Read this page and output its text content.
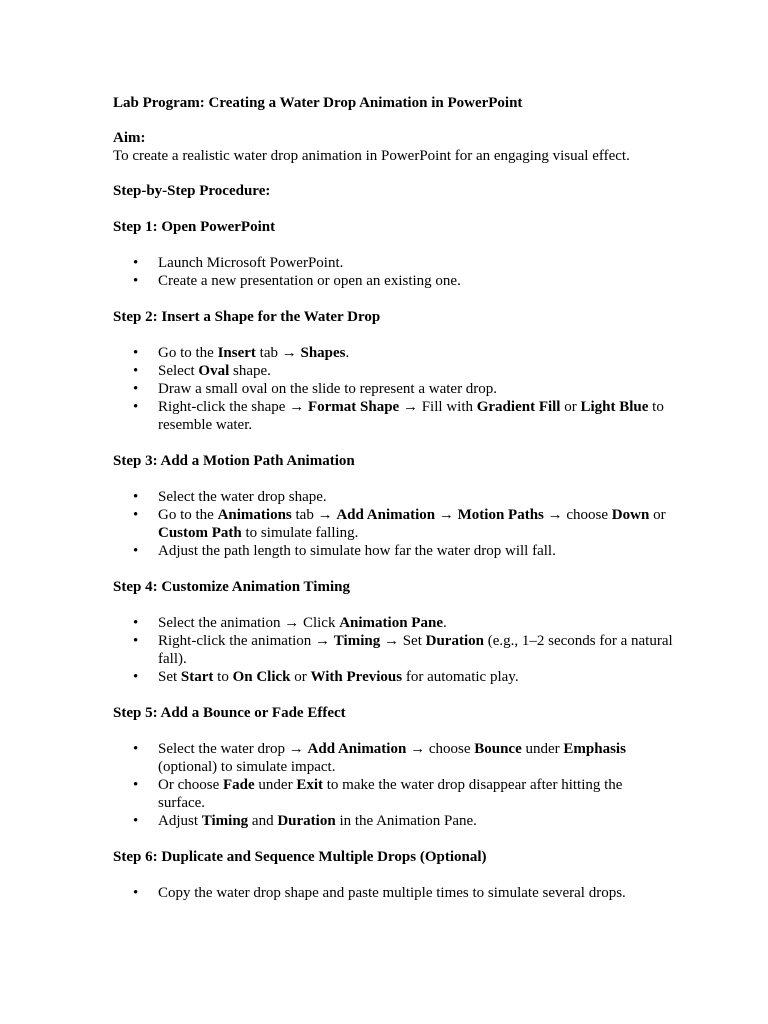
Lab Program: Creating a Water Drop Animation in PowerPoint

Aim:

To create a realistic water drop animation in PowerPoint for an engaging visual effect.

Step-by-Step Procedure:

Step 1: Open PowerPoint
• Launch Microsoft PowerPoint.
• Create a new presentation or open an existing one.
Step 2: Insert a Shape for the Water Drop
• Go to the Insert tab → Shapes.
• Select Oval shape.
• Draw a small oval on the slide to represent a water drop.
• Right-click the shape → Format Shape → Fill with Gradient Fill or Light Blue to resemble water.
Step 3: Add a Motion Path Animation
• Select the water drop shape.
• Go to the Animations tab → Add Animation → Motion Paths → choose Down or Custom Path to simulate falling.
• Adjust the path length to simulate how far the water drop will fall.
Step 4: Customize Animation Timing
• Select the animation → Click Animation Pane.
• Right-click the animation → Timing → Set Duration (e.g., 1–2 seconds for a natural fall).
• Set Start to On Click or With Previous for automatic play.
Step 5: Add a Bounce or Fade Effect
• Select the water drop → Add Animation → choose Bounce under Emphasis (optional) to simulate impact.
• Or choose Fade under Exit to make the water drop disappear after hitting the surface.
• Adjust Timing and Duration in the Animation Pane.
Step 6: Duplicate and Sequence Multiple Drops (Optional)
• Copy the water drop shape and paste multiple times to simulate several drops.
